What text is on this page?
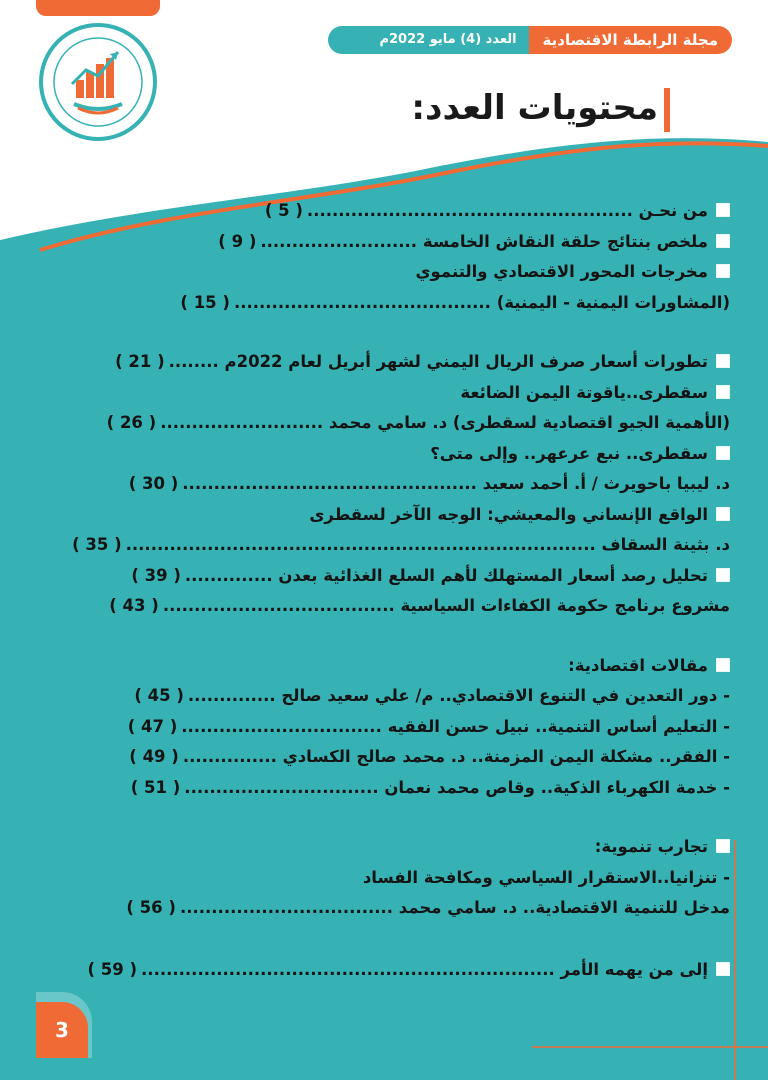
مجلة الرابطة الاقتصادية
العدد (4) مايو 2022م
محتويات العدد:
من نحـن ....................................................( 5 )
ملخص بنتائج حلقة النقاش الخامسة .........................( 9 )
مخرجات المحور الاقتصادي والتنموي
(المشاورات اليمنية - اليمنية) .........................................( 15 )
تطورات أسعار صرف الريال اليمني لشهر أبريل لعام 2022م ........( 21 )
سقطرى..ياقوتة اليمن الضائعة
(الأهمية الجيو اقتصادية لسقطرى) د. سامي محمد ..........................( 26 )
سقطرى.. نبع عرعهر.. وإلى متى؟
د. ليبيا باحويرث / أ. أحمد سعيد ...............................................( 30 )
الواقع الإنساني والمعيشي: الوجه الآخر لسقطرى
د. بثينة السقاف ...........................................................................( 35 )
تحليل رصد أسعار المستهلك لأهم السلع الغذائية بعدن ..............( 39 )
مشروع برنامج حكومة الكفاءات السياسية .....................................( 43 )
مقالات اقتصادية:
- دور التعدين في التنوع الاقتصادي.. م/ علي سعيد صالح ..............( 45 )
- التعليم أساس التنمية.. نبيل حسن الفقيه ................................( 47 )
- الفقر.. مشكلة اليمن المزمنة.. د. محمد صالح الكسادي ...............( 49 )
- خدمة الكهرباء الذكية.. وقاص محمد نعمان ...............................( 51 )
تجارب تنموية:
- تنزانيا..الاستقرار السياسي ومكافحة الفساد
مدخل للتنمية الاقتصادية.. د. سامي محمد ..................................( 56 )
إلى من يهمه الأمر ..................................................................( 59 )
3
